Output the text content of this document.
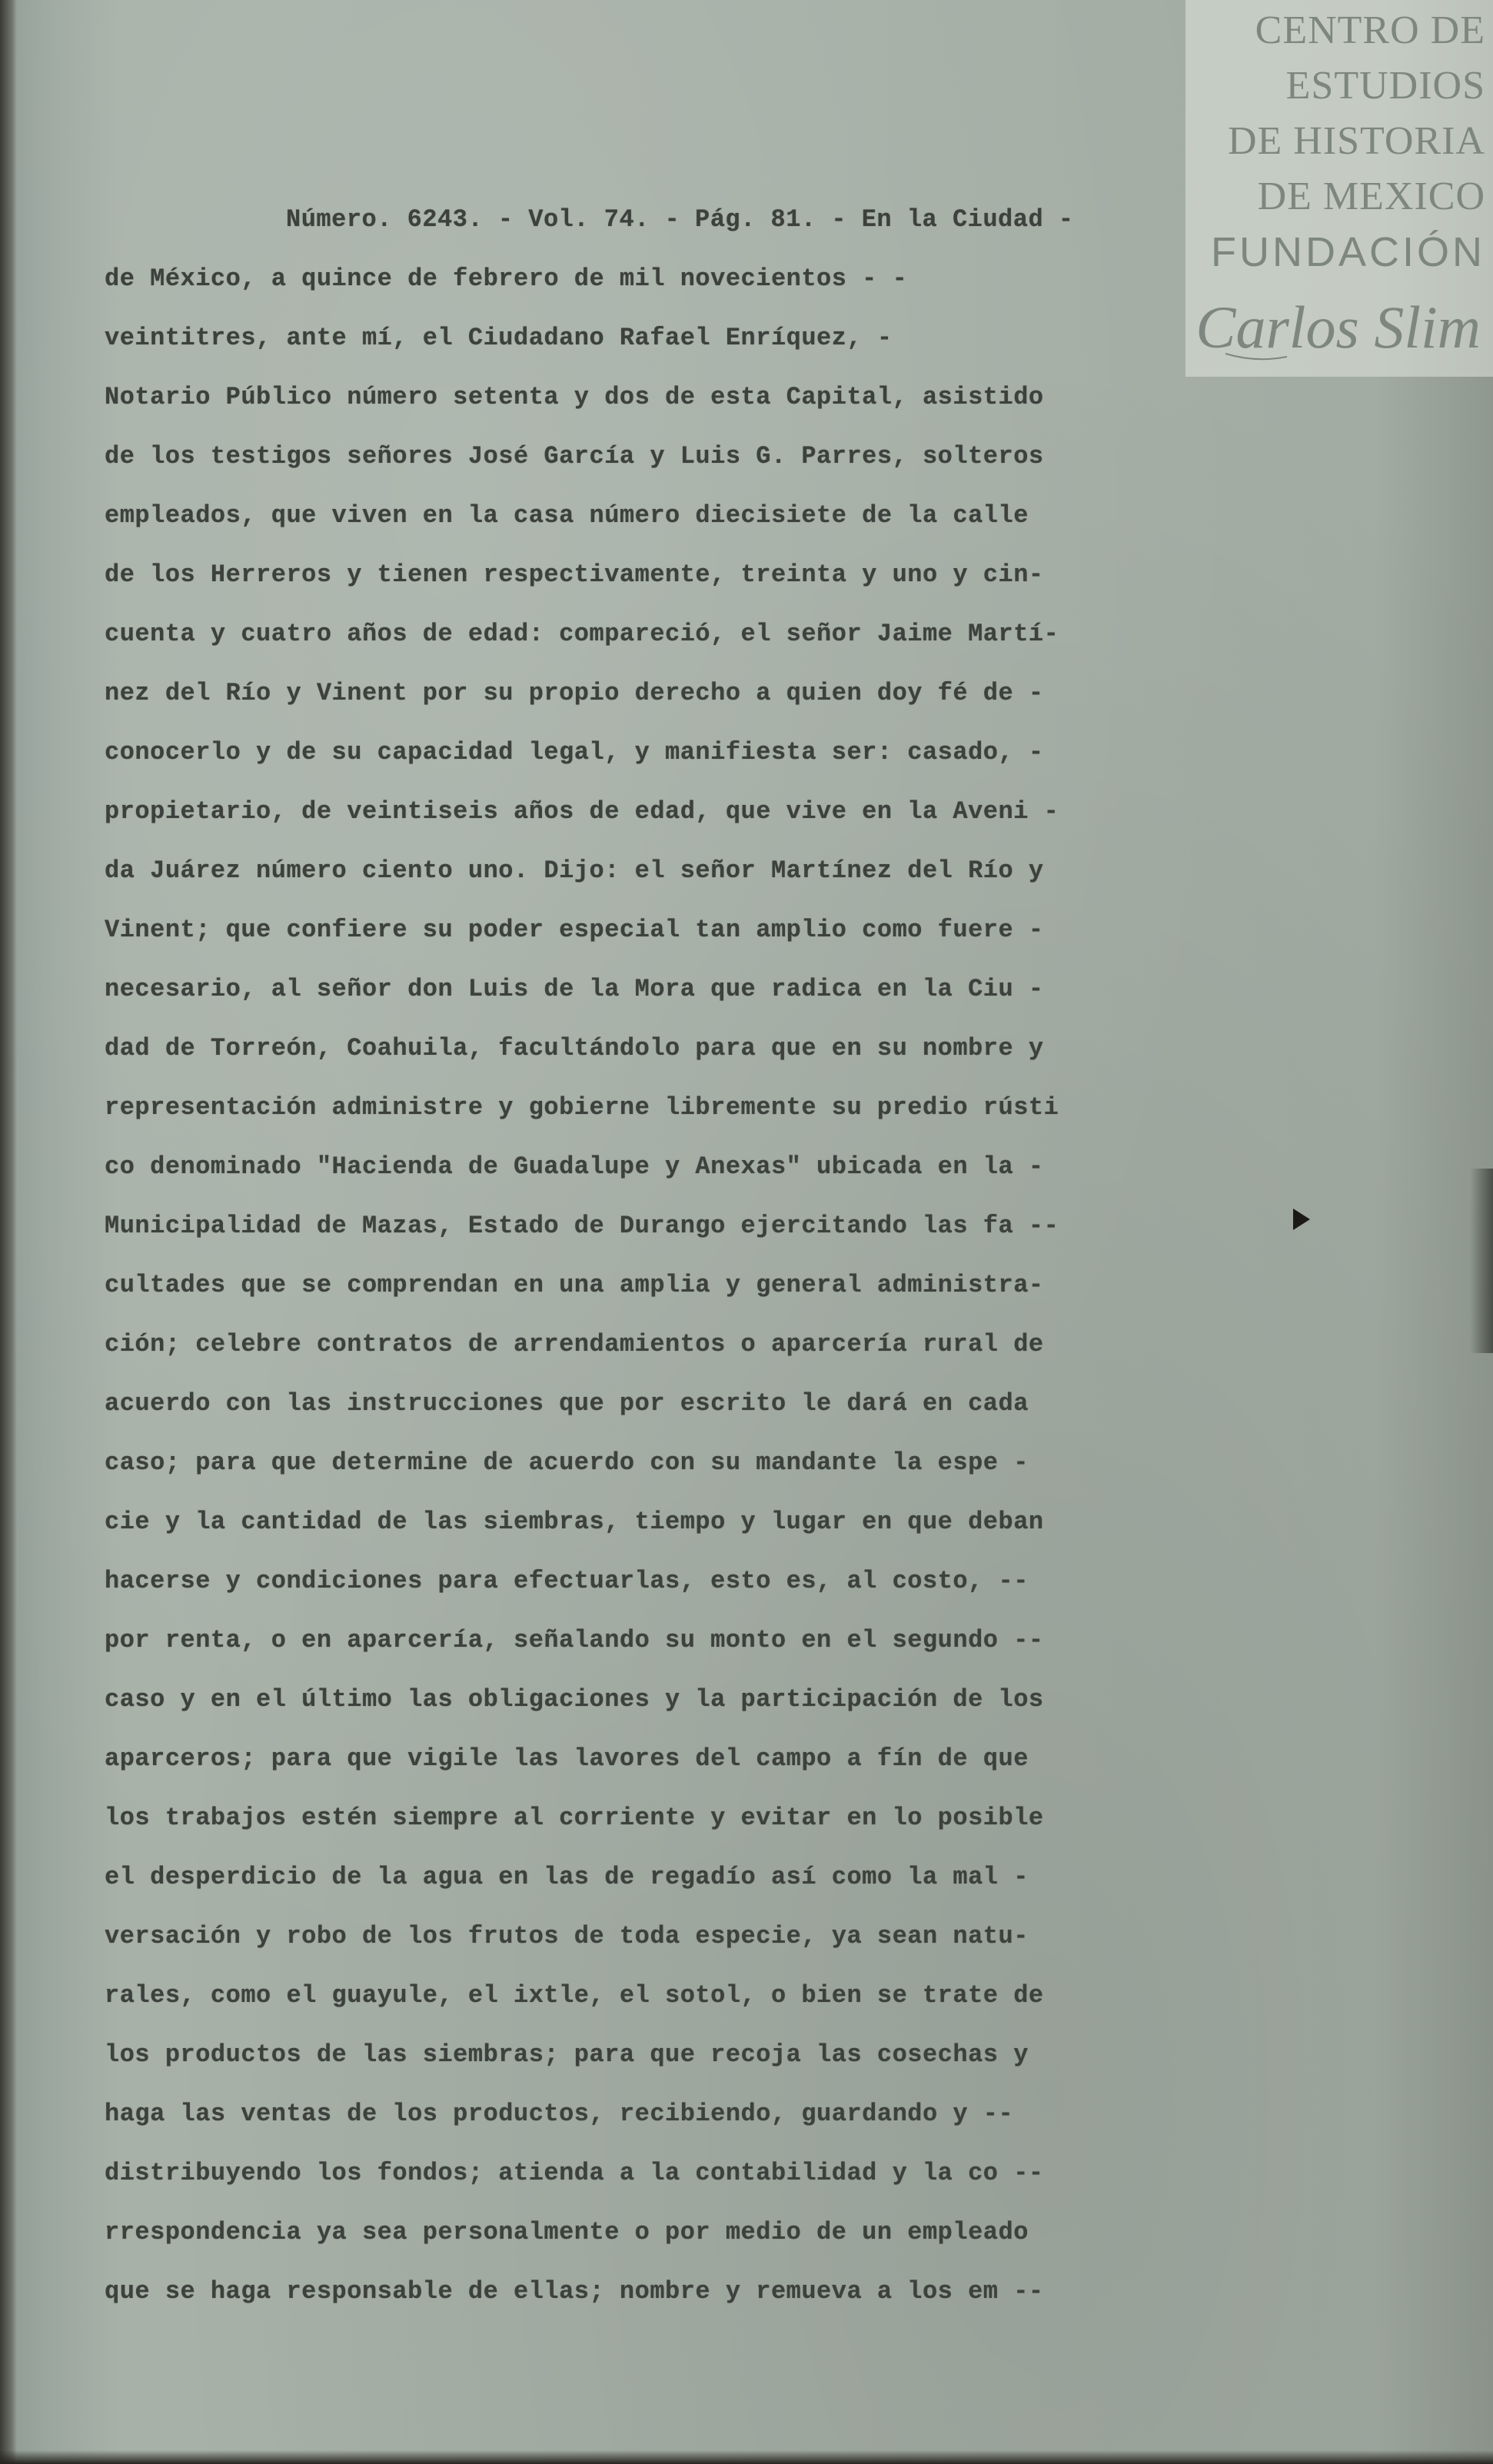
CENTRO DE
ESTUDIOS
DE HISTORIA
DE MEXICO
FUNDACIÓN
Carlos Slim
Número. 6243. - Vol. 74. - Pág. 81. - En la Ciudad -
de México, a quince de febrero de mil novecientos - -
veintitres, ante mí, el Ciudadano Rafael Enríquez, -
Notario Público número setenta y dos de esta Capital, asistido
de los testigos señores José García y Luis G. Parres, solteros
empleados, que viven en la casa número diecisiete de la calle
de los Herreros y tienen respectivamente, treinta y uno y cin-
cuenta y cuatro años de edad: compareció, el señor Jaime Martí-
nez del Río y Vinent por su propio derecho a quien doy fé de -
conocerlo y de su capacidad legal, y manifiesta ser: casado, -
propietario, de veintiseis años de edad, que vive en la Aveni -
da Juárez número ciento uno. Dijo: el señor Martínez del Río y
Vinent; que confiere su poder especial tan amplio como fuere -
necesario, al señor don Luis de la Mora que radica en la Ciu -
dad de Torreón, Coahuila, facultándolo para que en su nombre y
representación administre y gobierne libremente su predio rústi
co denominado "Hacienda de Guadalupe y Anexas" ubicada en la -
Municipalidad de Mazas, Estado de Durango ejercitando las fa --
cultades que se comprendan en una amplia y general administra-
ción; celebre contratos de arrendamientos o aparcería rural de
acuerdo con las instrucciones que por escrito le dará en cada
caso; para que determine de acuerdo con su mandante la espe -
cie y la cantidad de las siembras, tiempo y lugar en que deban
hacerse y condiciones para efectuarlas, esto es, al costo, --
por renta, o en aparcería, señalando su monto en el segundo --
caso y en el último las obligaciones y la participación de los
aparceros; para que vigile las lavores del campo a fín de que
los trabajos estén siempre al corriente y evitar en lo posible
el desperdicio de la agua en las de regadío así como la mal -
versación y robo de los frutos de toda especie, ya sean natu-
rales, como el guayule, el ixtle, el sotol, o bien se trate de
los productos de las siembras; para que recoja las cosechas y
haga las ventas de los productos, recibiendo, guardando y --
distribuyendo los fondos; atienda a la contabilidad y la co --
rrespondencia ya sea personalmente o por medio de un empleado
que se haga responsable de ellas; nombre y remueva a los em --
